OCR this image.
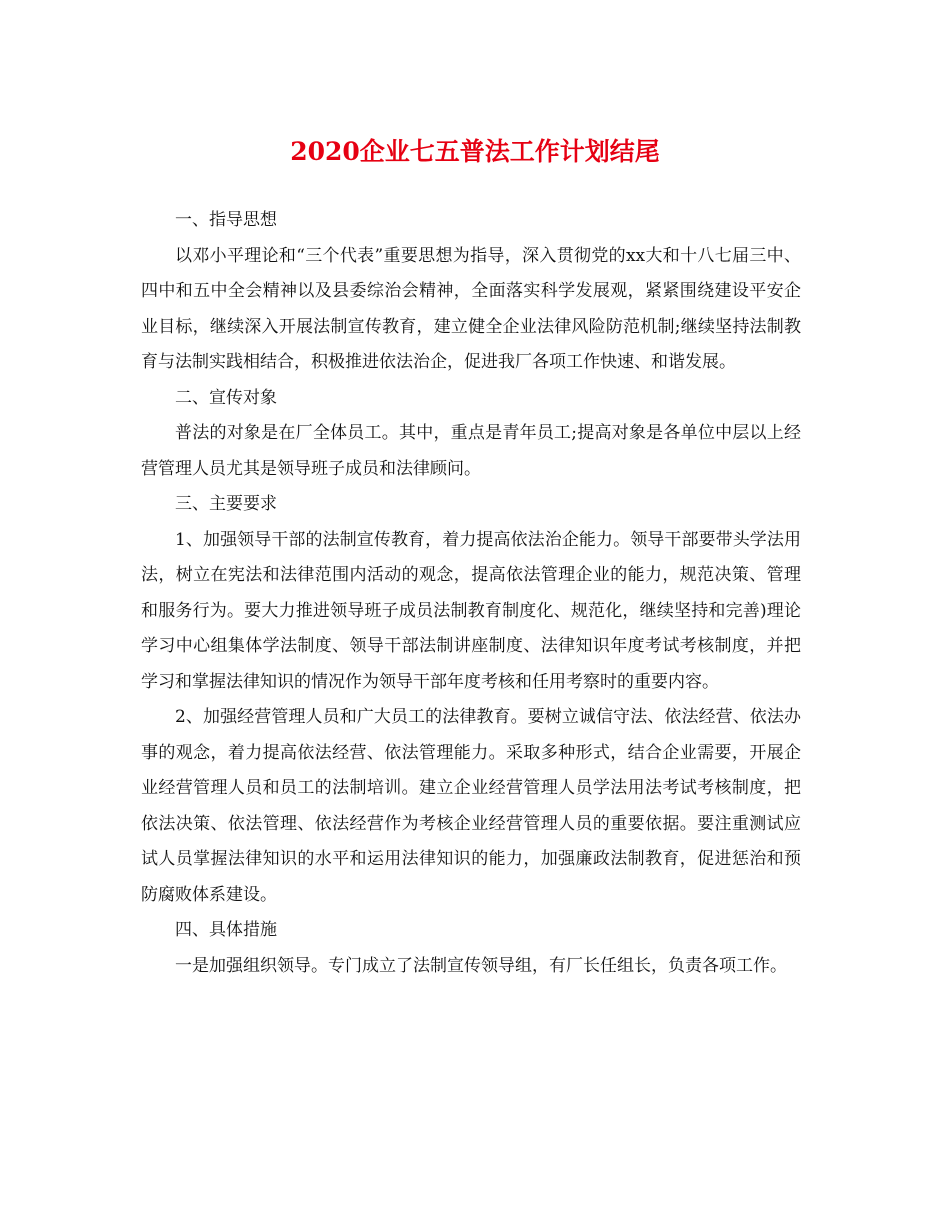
2020企业七五普法工作计划结尾

一、指导思想

以邓小平理论和“三个代表”重要思想为指导，深入贯彻党的xx大和十八七届三中、四中和五中全会精神以及县委综治会精神，全面落实科学发展观，紧紧围绕建设平安企业目标，继续深入开展法制宣传教育，建立健全企业法律风险防范机制;继续坚持法制教育与法制实践相结合，积极推进依法治企，促进我厂各项工作快速、和谐发展。

二、宣传对象

普法的对象是在厂全体员工。其中，重点是青年员工;提高对象是各单位中层以上经营管理人员尤其是领导班子成员和法律顾问。

三、主要要求

1、加强领导干部的法制宣传教育，着力提高依法治企能力。领导干部要带头学法用法，树立在宪法和法律范围内活动的观念，提高依法管理企业的能力，规范决策、管理和服务行为。要大力推进领导班子成员法制教育制度化、规范化，继续坚持和完善)理论学习中心组集体学法制度、领导干部法制讲座制度、法律知识年度考试考核制度，并把学习和掌握法律知识的情况作为领导干部年度考核和任用考察时的重要内容。

2、加强经营管理人员和广大员工的法律教育。要树立诚信守法、依法经营、依法办事的观念，着力提高依法经营、依法管理能力。采取多种形式，结合企业需要，开展企业经营管理人员和员工的法制培训。建立企业经营管理人员学法用法考试考核制度，把依法决策、依法管理、依法经营作为考核企业经营管理人员的重要依据。要注重测试应试人员掌握法律知识的水平和运用法律知识的能力，加强廉政法制教育，促进惩治和预防腐败体系建设。

四、具体措施

一是加强组织领导。专门成立了法制宣传领导组，有厂长任组长，负责各项工作。
